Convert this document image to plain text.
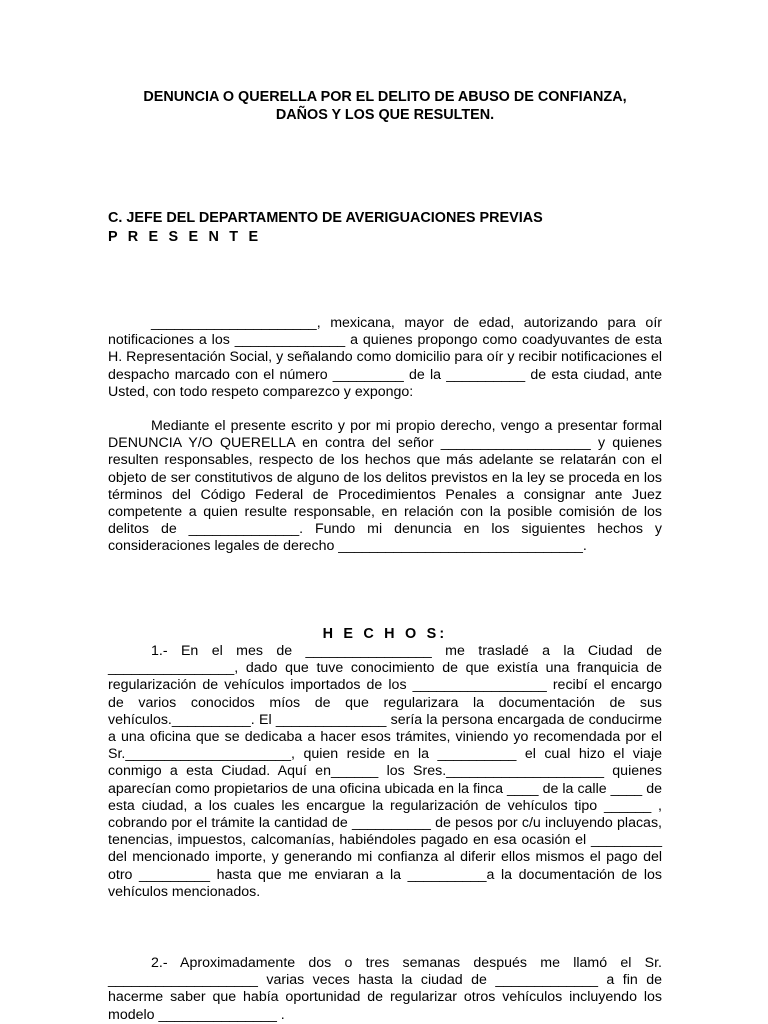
DENUNCIA O QUERELLA POR EL DELITO DE ABUSO DE CONFIANZA,
DAÑOS Y LOS QUE RESULTEN.
C. JEFE DEL DEPARTAMENTO DE AVERIGUACIONES PREVIAS
P R E S E N T E

_____________________, mexicana, mayor de edad, autorizando para oír notificaciones a los ______________ a quienes propongo como coadyuvantes de esta H. Representación Social, y señalando como domicilio para oír y recibir notificaciones el despacho marcado con el número _________ de la __________ de esta ciudad, ante Usted, con todo respeto comparezco y expongo:

Mediante el presente escrito y por mi propio derecho, vengo a presentar formal DENUNCIA Y/O QUERELLA en contra del señor ___________________ y quienes resulten responsables, respecto de los hechos que más adelante se relatarán con el objeto de ser constitutivos de alguno de los delitos previstos en la ley se proceda en los términos del Código Federal de Procedimientos Penales a consignar ante Juez competente a quien resulte responsable, en relación con la posible comisión de los delitos de ______________. Fundo mi denuncia en los siguientes hechos y consideraciones legales de derecho _______________________________.

H E C H O S:

1.- En el mes de ________________ me trasladé a la Ciudad de ________________, dado que tuve conocimiento de que existía una franquicia de regularización de vehículos importados de los _________________ recibí el encargo de varios conocidos míos de que regularizara la documentación de sus vehículos.__________. El ______________ sería la persona encargada de conducirme a una oficina que se dedicaba a hacer esos trámites, viniendo yo recomendada por el Sr._____________________, quien reside en la __________ el cual hizo el viaje conmigo a esta Ciudad. Aquí en______ los Sres.____________________ quienes aparecían como propietarios de una oficina ubicada en la finca ____ de la calle ____ de esta ciudad, a los cuales les encargue la regularización de vehículos tipo ______ , cobrando por el trámite la cantidad de __________ de pesos por c/u incluyendo placas, tenencias, impuestos, calcomanías, habiéndoles pagado en esa ocasión el _________ del mencionado importe, y generando mi confianza al diferir ellos mismos el pago del otro _________ hasta que me enviaran a la __________a la documentación de los vehículos mencionados.

2.- Aproximadamente dos o tres semanas después me llamó el Sr. ___________________ varias veces hasta la ciudad de _____________ a fin de hacerme saber que había oportunidad de regularizar otros vehículos incluyendo los modelo _______________ .
